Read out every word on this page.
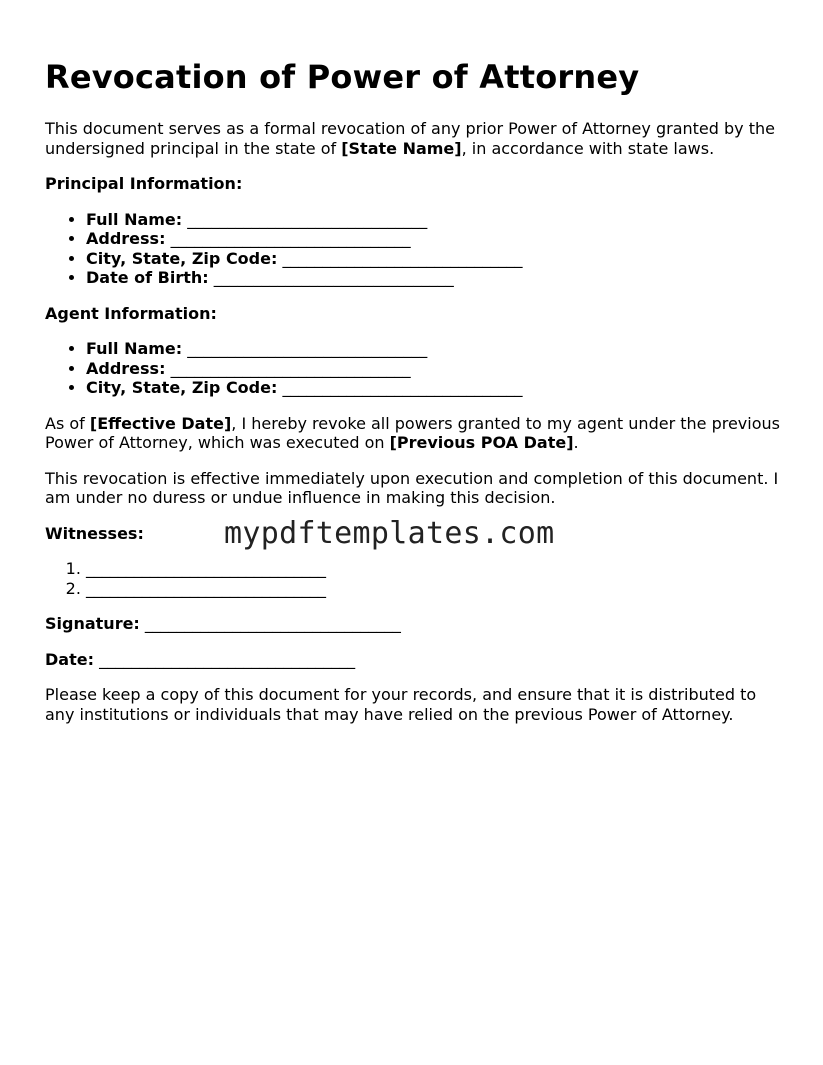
Revocation of Power of Attorney

This document serves as a formal revocation of any prior Power of Attorney granted by the undersigned principal in the state of [State Name], in accordance with state laws.

Principal Information:

• Full Name: ______________________________
• Address: ______________________________
• City, State, Zip Code: ______________________________
• Date of Birth: ______________________________

Agent Information:

• Full Name: ______________________________
• Address: ______________________________
• City, State, Zip Code: ______________________________

As of [Effective Date], I hereby revoke all powers granted to my agent under the previous Power of Attorney, which was executed on [Previous POA Date].

This revocation is effective immediately upon execution and completion of this document. I am under no duress or undue influence in making this decision.

Witnesses:

1. ______________________________
2. ______________________________

Signature: ________________________________

Date: ________________________________

Please keep a copy of this document for your records, and ensure that it is distributed to any institutions or individuals that may have relied on the previous Power of Attorney.

mypdftemplates.com
